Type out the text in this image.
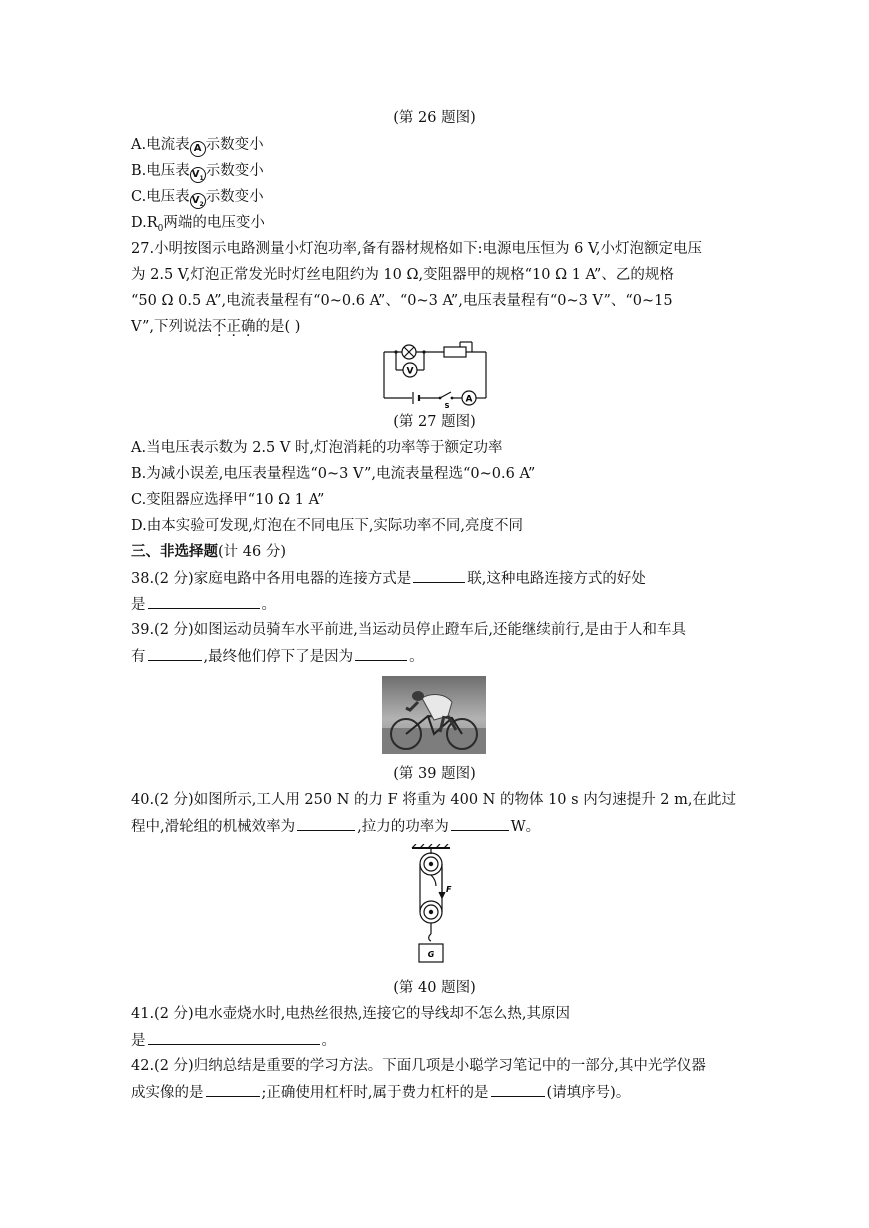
(第 26 题图)
A.电流表 A 示数变小
B.电压表 $V_1$ 示数变小
C.电压表 $V_2$ 示数变小
$D.R_0$两端的电压变小
27.小明按图示电路测量小灯泡功率,备有器材规格如下:电源电压恒为 6 V,小灯泡额定电压
为 2.5 V,灯泡正常发光时灯丝电阻约为 10 Ω,变阻器甲的规格“10 Ω 1 A”、乙的规格
“50 Ω 0.5 A”,电流表量程有“0~0.6 A”、“0~3 A”,电压表量程有“0~3 V”、“0~15
V”,下列说法不正确的是( )
V
A
S
(第 27 题图)
A.当电压表示数为 2.5 V 时,灯泡消耗的功率等于额定功率
B.为减小误差,电压表量程选“0~3 V”,电流表量程选“0~0.6 A”
C.变阻器应选择甲“10 Ω 1 A”
D.由本实验可发现,灯泡在不同电压下,实际功率不同,亮度不同
三、非选择题(计 46 分)
38.(2 分)家庭电路中各用电器的连接方式是	联,这种电路连接方式的好处
是	。
39.(2 分)如图运动员骑车水平前进,当运动员停止蹬车后,还能继续前行,是由于人和车具
有	,最终他们停下了是因为	。
(第 39 题图)
40.(2 分)如图所示,工人用 250 N 的力 F 将重为 400 N 的物体 10 s 内匀速提升 2 m,在此过
程中,滑轮组的机械效率为	,拉力的功率为	W。
F
G
(第 40 题图)
41.(2 分)电水壶烧水时,电热丝很热,连接它的导线却不怎么热,其原因
是	。
42.(2 分)归纳总结是重要的学习方法。下面几项是小聪学习笔记中的一部分,其中光学仪器
成实像的是	;正确使用杠杆时,属于费力杠杆的是	(请填序号)。
